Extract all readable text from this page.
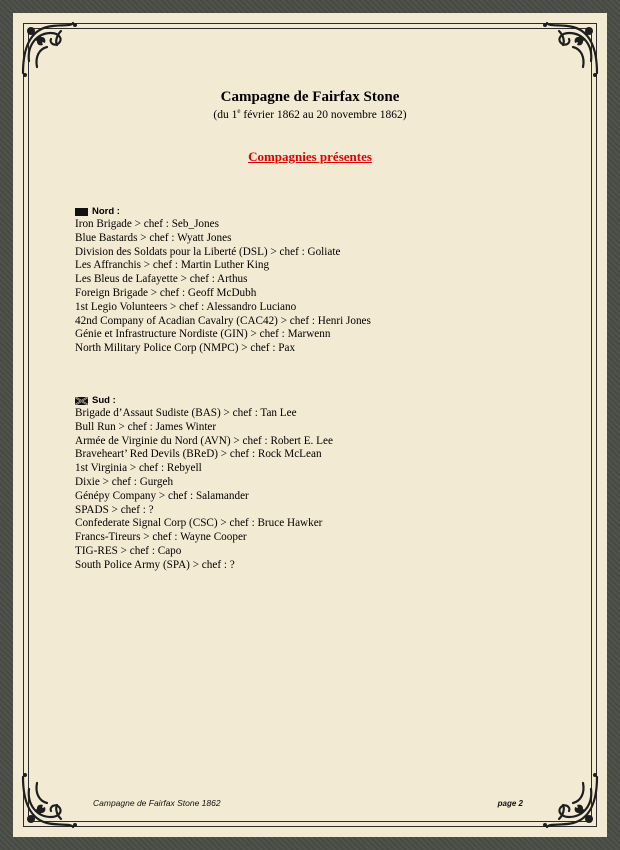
Campagne de Fairfax Stone
(du 1e février 1862 au 20 novembre 1862)
Compagnies présentes
Nord :
Iron Brigade > chef : Seb_Jones
Blue Bastards > chef : Wyatt Jones
Division des Soldats pour la Liberté (DSL) > chef : Goliate
Les Affranchis > chef : Martin Luther King
Les Bleus de Lafayette > chef : Arthus
Foreign Brigade > chef : Geoff McDubh
1st Legio Volunteers > chef : Alessandro Luciano
42nd Company of Acadian Cavalry (CAC42) > chef : Henri Jones
Génie et Infrastructure Nordiste (GIN) > chef : Marwenn
North Military Police Corp (NMPC) > chef : Pax
Sud :
Brigade d’Assaut Sudiste (BAS) > chef : Tan Lee
Bull Run > chef : James Winter
Armée de Virginie du Nord (AVN) > chef : Robert E. Lee
Braveheart’ Red Devils (BReD) > chef : Rock McLean
1st Virginia > chef : Rebyell
Dixie > chef : Gurgeh
Génépy Company > chef : Salamander
SPADS > chef : ?
Confederate Signal Corp (CSC) > chef : Bruce Hawker
Francs-Tireurs > chef : Wayne Cooper
TIG-RES > chef : Capo
South Police Army (SPA) > chef : ?
Campagne de Fairfax Stone 1862	page 2
